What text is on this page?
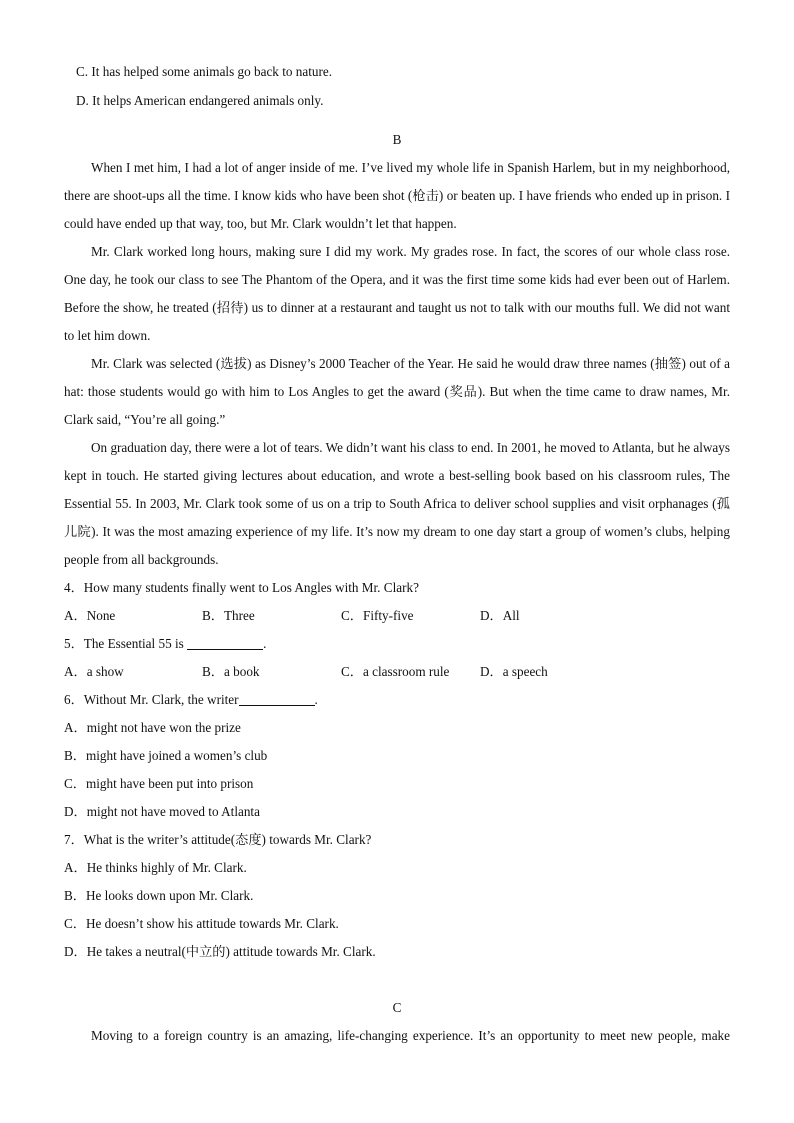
C. It has helped some animals go back to nature.
D. It helps American endangered animals only.
B
When I met him, I had a lot of anger inside of me. I’ve lived my whole life in Spanish Harlem, but in my neighborhood, there are shoot-ups all the time. I know kids who have been shot (枪击) or beaten up. I have friends who ended up in prison. I could have ended up that way, too, but Mr. Clark wouldn’t let that happen.
Mr. Clark worked long hours, making sure I did my work. My grades rose. In fact, the scores of our whole class rose. One day, he took our class to see The Phantom of the Opera, and it was the first time some kids had ever been out of Harlem. Before the show, he treated (招待) us to dinner at a restaurant and taught us not to talk with our mouths full. We did not want to let him down.
Mr. Clark was selected (选拔) as Disney’s 2000 Teacher of the Year. He said he would draw three names (抽签) out of a hat: those students would go with him to Los Angles to get the award (奖品). But when the time came to draw names, Mr. Clark said, “You’re all going.”
On graduation day, there were a lot of tears. We didn’t want his class to end. In 2001, he moved to Atlanta, but he always kept in touch. He started giving lectures about education, and wrote a best-selling book based on his classroom rules, The Essential 55. In 2003, Mr. Clark took some of us on a trip to South Africa to deliver school supplies and visit orphanages (孤儿院). It was the most amazing experience of my life. It’s now my dream to one day start a group of women’s clubs, helping people from all backgrounds.
4．How many students finally went to Los Angles with Mr. Clark?
A．None	B．Three	C．Fifty-five	D．All
5．The Essential 55 is	.
A．a show	B．a book	C．a classroom rule D．a speech
6．Without Mr. Clark, the writer	.
A．might not have won the prize
B．might have joined a women’s club
C．might have been put into prison
D．might not have moved to Atlanta
7．What is the writer’s attitude(态度) towards Mr. Clark?
A．He thinks highly of Mr. Clark.
B．He looks down upon Mr. Clark.
C．He doesn’t show his attitude towards Mr. Clark.
D．He takes a neutral(中立的) attitude towards Mr. Clark.
C
Moving to a foreign country is an amazing, life-changing experience. It’s an opportunity to meet new people, make
